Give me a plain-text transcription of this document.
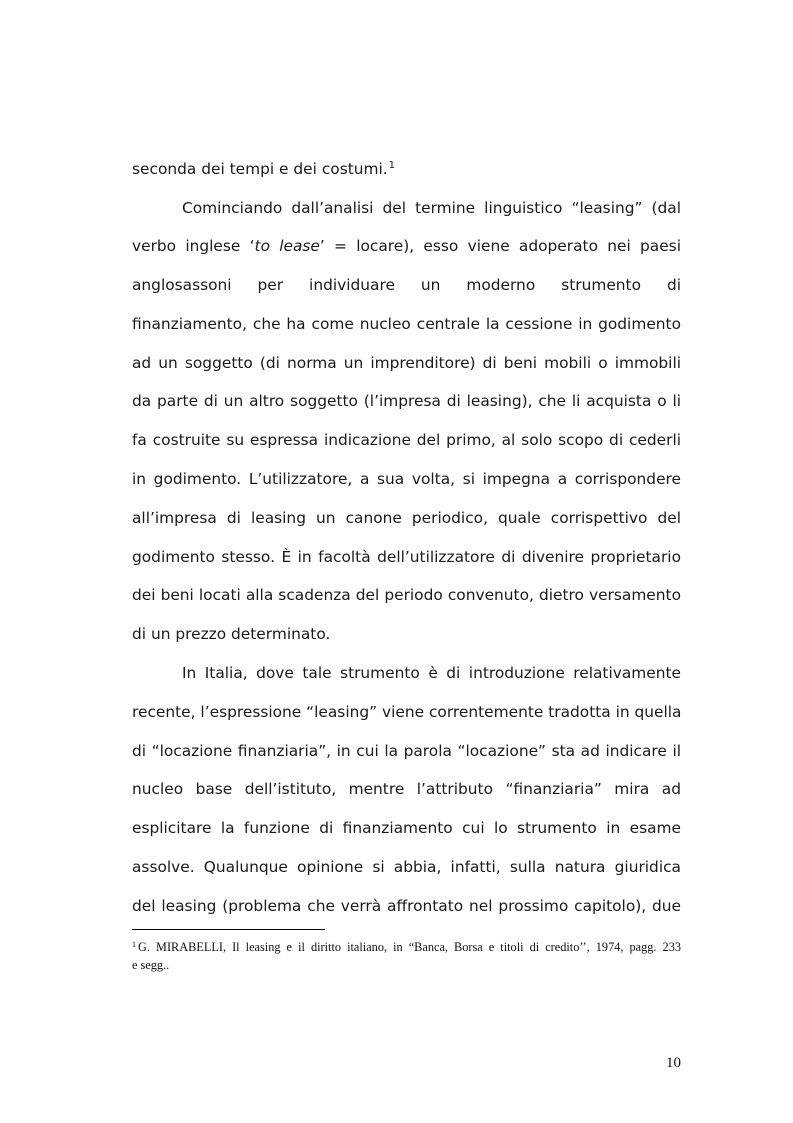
seconda dei tempi e dei costumi.$^1$
Cominciando dall’analisi del termine linguistico “leasing” (dal
verbo inglese ‘to lease’ = locare), esso viene adoperato nei paesi
anglosassoni per individuare un moderno strumento di
finanziamento, che ha come nucleo centrale la cessione in godimento
ad un soggetto (di norma un imprenditore) di beni mobili o immobili
da parte di un altro soggetto (l’impresa di leasing), che li acquista o li
fa costruite su espressa indicazione del primo, al solo scopo di cederli
in godimento. L’utilizzatore, a sua volta, si impegna a corrispondere
all’impresa di leasing un canone periodico, quale corrispettivo del
godimento stesso. È in facoltà dell’utilizzatore di divenire proprietario
dei beni locati alla scadenza del periodo convenuto, dietro versamento
di un prezzo determinato.
In Italia, dove tale strumento è di introduzione relativamente
recente, l’espressione “leasing” viene correntemente tradotta in quella
di “locazione finanziaria”, in cui la parola “locazione” sta ad indicare il
nucleo base dell’istituto, mentre l’attributo “finanziaria” mira ad
esplicitare la funzione di finanziamento cui lo strumento in esame
assolve. Qualunque opinione si abbia, infatti, sulla natura giuridica
del leasing (problema che verrà affrontato nel prossimo capitolo), due
$^1$ G. MIRABELLI, Il leasing e il diritto italiano, in “Banca, Borsa e titoli di credito’’, 1974, pagg. 233
e segg..
10
